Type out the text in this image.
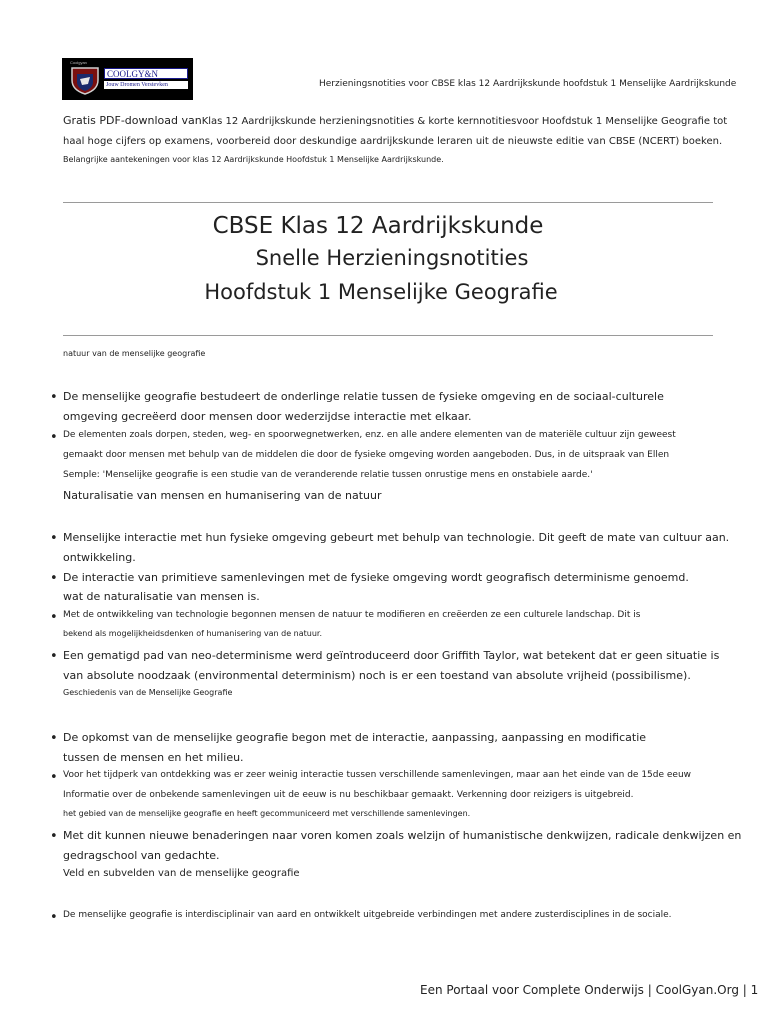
Coolgyan
COOLGY&N
Jouw Dromen Verstevken	Herzieningsnotities voor CBSE klas 12 Aardrijkskunde hoofdstuk 1 Menselijke Aardrijkskunde
Gratis PDF-download vanKlas 12 Aardrijkskunde herzieningsnotities & korte kernnotitiesvoor Hoofdstuk 1 Menselijke Geografie tot
haal hoge cijfers op examens, voorbereid door deskundige aardrijkskunde leraren uit de nieuwste editie van CBSE (NCERT) boeken.
Belangrijke aantekeningen voor klas 12 Aardrijkskunde Hoofdstuk 1 Menselijke Aardrijkskunde.
CBSE Klas 12 Aardrijkskunde
Snelle Herzieningsnotities
Hoofdstuk 1 Menselijke Geografie
natuur van de menselijke geografie
• De menselijke geografie bestudeert de onderlinge relatie tussen de fysieke omgeving en de sociaal-culturele
omgeving gecreëerd door mensen door wederzijdse interactie met elkaar.
• De elementen zoals dorpen, steden, weg- en spoorwegnetwerken, enz. en alle andere elementen van de materiële cultuur zijn geweest
gemaakt door mensen met behulp van de middelen die door de fysieke omgeving worden aangeboden. Dus, in de uitspraak van Ellen
Semple: 'Menselijke geografie is een studie van de veranderende relatie tussen onrustige mens en onstabiele aarde.'
Naturalisatie van mensen en humanisering van de natuur
• Menselijke interactie met hun fysieke omgeving gebeurt met behulp van technologie. Dit geeft de mate van cultuur aan.
ontwikkeling.
• De interactie van primitieve samenlevingen met de fysieke omgeving wordt geografisch determinisme genoemd.
wat de naturalisatie van mensen is.
• Met de ontwikkeling van technologie begonnen mensen de natuur te modifieren en creëerden ze een culturele landschap. Dit is
bekend als mogelijkheidsdenken of humanisering van de natuur.
• Een gematigd pad van neo-determinisme werd geïntroduceerd door Griffith Taylor, wat betekent dat er geen situatie is
van absolute noodzaak (environmental determinism) noch is er een toestand van absolute vrijheid (possibilisme).
Geschiedenis van de Menselijke Geografie
• De opkomst van de menselijke geografie begon met de interactie, aanpassing, aanpassing en modificatie
tussen de mensen en het milieu.
• Voor het tijdperk van ontdekking was er zeer weinig interactie tussen verschillende samenlevingen, maar aan het einde van de 15de eeuw
Informatie over de onbekende samenlevingen uit de eeuw is nu beschikbaar gemaakt. Verkenning door reizigers is uitgebreid.
het gebied van de menselijke geografie en heeft gecommuniceerd met verschillende samenlevingen.
• Met dit kunnen nieuwe benaderingen naar voren komen zoals welzijn of humanistische denkwijzen, radicale denkwijzen en
gedragschool van gedachte.
Veld en subvelden van de menselijke geografie
• De menselijke geografie is interdisciplinair van aard en ontwikkelt uitgebreide verbindingen met andere zusterdisciplines in de sociale.
Een Portaal voor Complete Onderwijs | CoolGyan.Org | 1
